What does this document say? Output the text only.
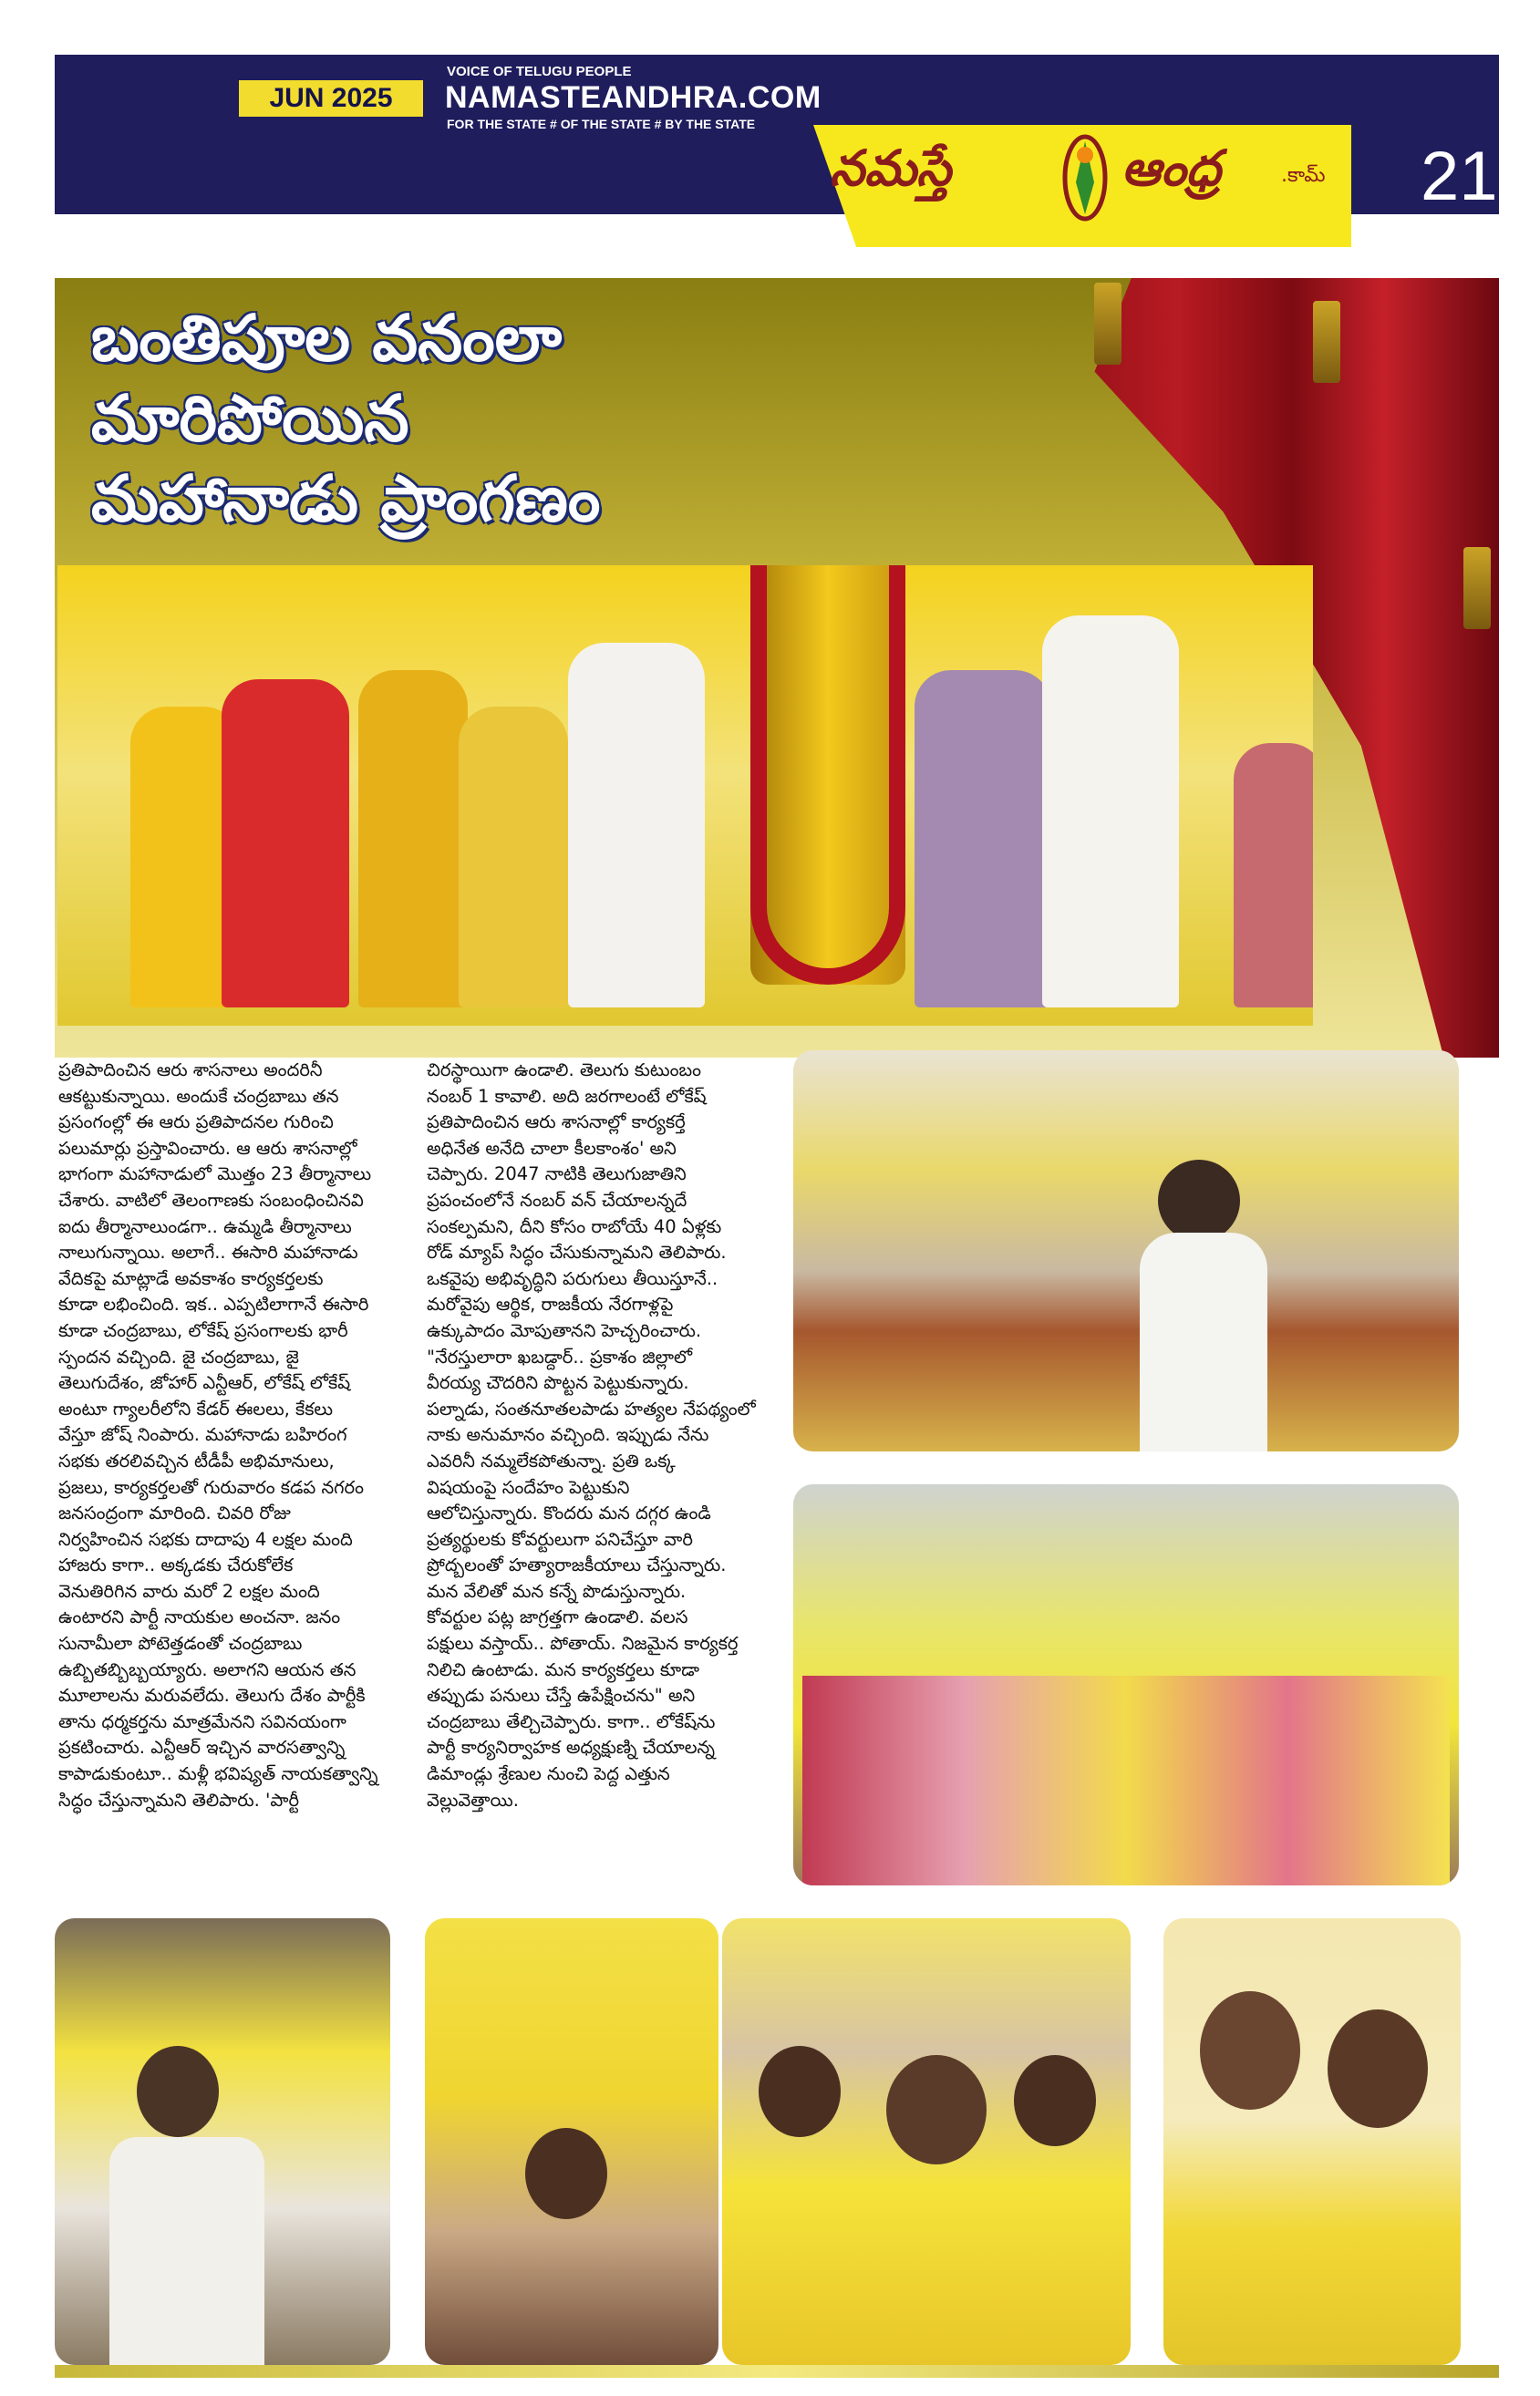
JUN 2025
VOICE OF TELUGU PEOPLE
NAMASTEANDHRA.COM
FOR THE STATE # OF THE STATE # BY THE STATE
నమస్తే	ఆంధ్ర	.కామ్ 21
బంతిపూల వనంలా
మారిపోయిన
మహానాడు ప్రాంగణం

ప్రతిపాదించిన ఆరు శాసనాలు అందరినీ

ఆకట్టుకున్నాయి. అందుకే చంద్రబాబు తన

ప్రసంగంల్లో ఈ ఆరు ప్రతిపాదనల గురించి

పలుమార్లు ప్రస్తావించారు. ఆ ఆరు శాసనాల్లో

భాగంగా మహానాడులో మొత్తం 23 తీర్మానాలు

చేశారు. వాటిలో తెలంగాణకు సంబంధించినవి

ఐదు తీర్మానాలుండగా.. ఉమ్మడి తీర్మానాలు

నాలుగున్నాయి. అలాగే.. ఈసారి మహానాడు

వేదికపై మాట్లాడే అవకాశం కార్యకర్తలకు

కూడా లభించింది. ఇక.. ఎప్పటిలాగానే ఈసారి

కూడా చంద్రబాబు, లోకేష్ ప్రసంగాలకు భారీ

స్పందన వచ్చింది. జై చంద్రబాబు, జై

తెలుగుదేశం, జోహార్ ఎన్టీఆర్, లోకేష్ లోకేష్

అంటూ గ్యాలరీలోని కేడర్ ఈలలు, కేకలు

వేస్తూ జోష్ నింపారు. మహానాడు బహిరంగ

సభకు తరలివచ్చిన టీడీపీ అభిమానులు,

ప్రజలు, కార్యకర్తలతో గురువారం కడప నగరం

జనసంద్రంగా మారింది. చివరి రోజు

నిర్వహించిన సభకు దాదాపు 4 లక్షల మంది

హాజరు కాగా.. అక్కడకు చేరుకోలేక

వెనుతిరిగిన వారు మరో 2 లక్షల మంది

ఉంటారని పార్టీ నాయకుల అంచనా. జనం

సునామీలా పోటెత్తడంతో చంద్రబాబు

ఉబ్బితబ్బిబ్బయ్యారు. అలాగని ఆయన తన

మూలాలను మరువలేదు. తెలుగు దేశం పార్టీకి

తాను ధర్మకర్తను మాత్రమేనని సవినయంగా

ప్రకటించారు. ఎన్టీఆర్ ఇచ్చిన వారసత్వాన్ని

కాపాడుకుంటూ.. మళ్లీ భవిష్యత్ నాయకత్వాన్ని

సిద్ధం చేస్తున్నామని తెలిపారు. 'పార్టీ

చిరస్థాయిగా ఉండాలి. తెలుగు కుటుంబం

నంబర్ 1 కావాలి. అది జరగాలంటే లోకేష్

ప్రతిపాదించిన ఆరు శాసనాల్లో కార్యకర్తే

అధినేత అనేది చాలా కీలకాంశం' అని

చెప్పారు. 2047 నాటికి తెలుగుజాతిని

ప్రపంచంలోనే నంబర్ వన్ చేయాలన్నదే

సంకల్పమని, దీని కోసం రాబోయే 40 ఏళ్లకు

రోడ్ మ్యాప్ సిద్ధం చేసుకున్నామని తెలిపారు.

ఒకవైపు అభివృద్ధిని పరుగులు తీయిస్తూనే..

మరోవైపు ఆర్థిక, రాజకీయ నేరగాళ్లపై

ఉక్కుపాదం మోపుతానని హెచ్చరించారు.

"నేరస్తులారా ఖబడ్దార్.. ప్రకాశం జిల్లాలో

వీరయ్య చౌదరిని పొట్టన పెట్టుకున్నారు.

పల్నాడు, సంతనూతలపాడు హత్యల నేపథ్యంలో

నాకు అనుమానం వచ్చింది. ఇప్పుడు నేను

ఎవరినీ నమ్మలేకపోతున్నా. ప్రతి ఒక్క

విషయంపై సందేహం పెట్టుకుని

ఆలోచిస్తున్నారు. కొందరు మన దగ్గర ఉండి

ప్రత్యర్థులకు కోవర్టులుగా పనిచేస్తూ వారి

ప్రోద్బలంతో హత్యారాజకీయాలు చేస్తున్నారు.

మన వేలితో మన కన్నే పొడుస్తున్నారు.

కోవర్టుల పట్ల జాగ్రత్తగా ఉండాలి. వలస

పక్షులు వస్తాయ్.. పోతాయ్. నిజమైన కార్యకర్త

నిలిచి ఉంటాడు. మన కార్యకర్తలు కూడా

తప్పుడు పనులు చేస్తే ఉపేక్షించను" అని

చంద్రబాబు తేల్చిచెప్పారు. కాగా.. లోకేష్‌ను

పార్టీ కార్యనిర్వాహక అధ్యక్షుణ్ని చేయాలన్న

డిమాండ్లు శ్రేణుల నుంచి పెద్ద ఎత్తున

వెల్లువెత్తాయి.
